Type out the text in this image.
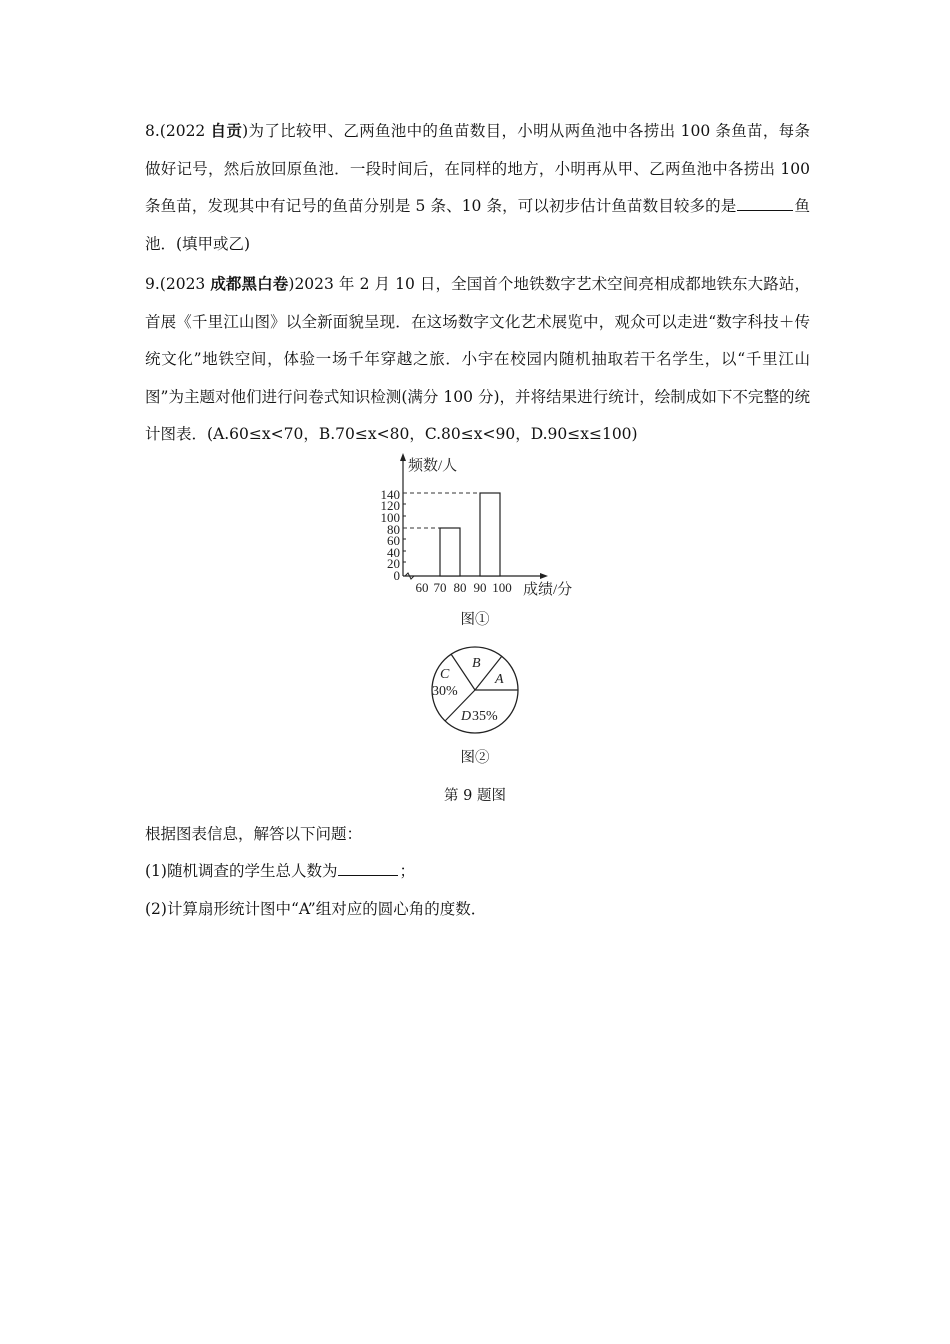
8.(2022 自贡)为了比较甲、乙两鱼池中的鱼苗数目，小明从两鱼池中各捞出 100 条鱼苗，每条做好记号，然后放回原鱼池．一段时间后，在同样的地方，小明再从甲、乙两鱼池中各捞出 100 条鱼苗，发现其中有记号的鱼苗分别是 5 条、10 条，可以初步估计鱼苗数目较多的是	鱼池．(填甲或乙)
9.(2023 成都黑白卷)2023 年 2 月 10 日，全国首个地铁数字艺术空间亮相成都地铁东大路站，首展《千里江山图》以全新面貌呈现．在这场数字文化艺术展览中，观众可以走进“数字科技＋传统文化”地铁空间，体验一场千年穿越之旅．小宇在校园内随机抽取若干名学生，以“千里江山图”为主题对他们进行问卷式知识检测(满分 100 分)，并将结果进行统计，绘制成如下不完整的统计图表．(A.60≤x<70，B.70≤x<80，C.80≤x<90，D.90≤x≤100)
0
20
40
60
80
100
120
140
60 70 80 90 100
频数/人
成绩/分
图①
B
A
C
D
30%
35%
图②
第 9 题图
根据图表信息，解答以下问题：
(1)随机调查的学生总人数为	；
(2)计算扇形统计图中“A”组对应的圆心角的度数．
